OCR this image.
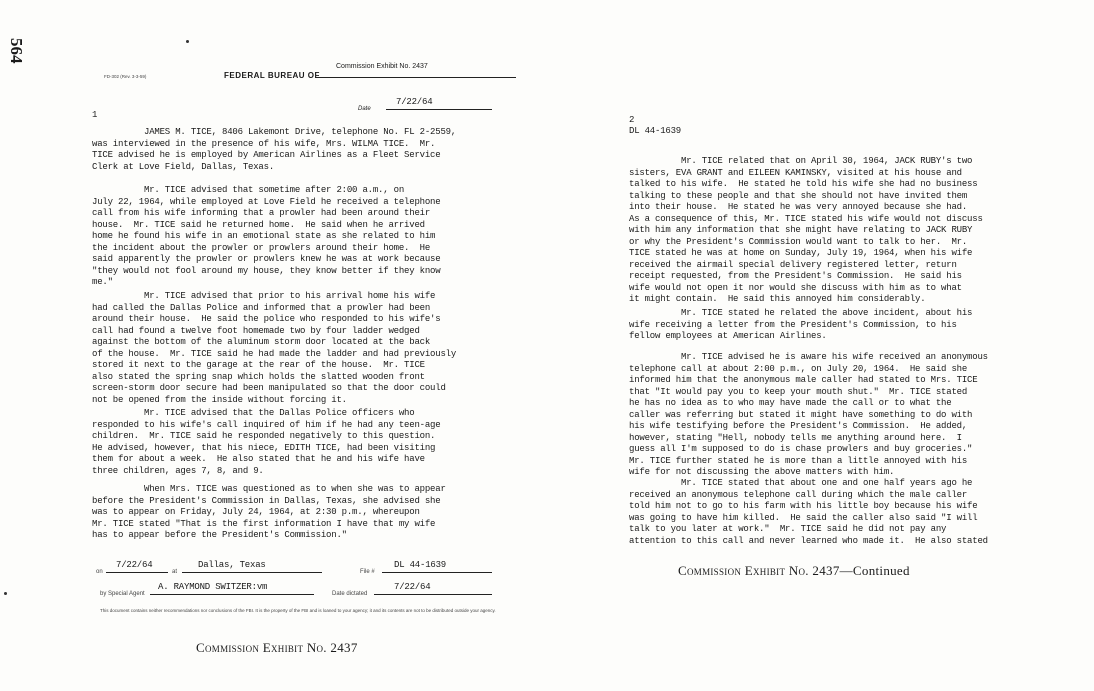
564
FD-302 (Rev. 3-3-59)	FEDERAL BUREAU OF
Commission Exhibit No. 2437
1
Date
7/22/64
JAMES M. TICE, 8406 Lakemont Drive, telephone No. FL 2-2559,
was interviewed in the presence of his wife, Mrs. WILMA TICE.  Mr.
TICE advised he is employed by American Airlines as a Fleet Service
Clerk at Love Field, Dallas, Texas.
Mr. TICE advised that sometime after 2:00 a.m., on
July 22, 1964, while employed at Love Field he received a telephone
call from his wife informing that a prowler had been around their
house.  Mr. TICE said he returned home.  He said when he arrived
home he found his wife in an emotional state as she related to him
the incident about the prowler or prowlers around their home.  He
said apparently the prowler or prowlers knew he was at work because
"they would not fool around my house, they know better if they know
me."
Mr. TICE advised that prior to his arrival home his wife
had called the Dallas Police and informed that a prowler had been
around their house.  He said the police who responded to his wife's
call had found a twelve foot homemade two by four ladder wedged
against the bottom of the aluminum storm door located at the back
of the house.  Mr. TICE said he had made the ladder and had previously
stored it next to the garage at the rear of the house.  Mr. TICE
also stated the spring snap which holds the slatted wooden front
screen-storm door secure had been manipulated so that the door could
not be opened from the inside without forcing it.
Mr. TICE advised that the Dallas Police officers who
responded to his wife's call inquired of him if he had any teen-age
children.  Mr. TICE said he responded negatively to this question.
He advised, however, that his niece, EDITH TICE, had been visiting
them for about a week.  He also stated that he and his wife have
three children, ages 7, 8, and 9.
When Mrs. TICE was questioned as to when she was to appear
before the President's Commission in Dallas, Texas, she advised she
was to appear on Friday, July 24, 1964, at 2:30 p.m., whereupon
Mr. TICE stated "That is the first information I have that my wife
has to appear before the President's Commission."
on
7/22/64
at
Dallas, Texas
File #
DL 44-1639
by Special Agent
A. RAYMOND SWITZER:vm
Date dictated
7/22/64
This document contains neither recommendations nor conclusions of the FBI. It is the property of the FBI and is loaned to your agency; it and its contents are not to be distributed outside your agency.
Commission Exhibit No. 2437
2
DL 44-1639
Mr. TICE related that on April 30, 1964, JACK RUBY's two
sisters, EVA GRANT and EILEEN KAMINSKY, visited at his house and
talked to his wife.  He stated he told his wife she had no business
talking to these people and that she should not have invited them
into their house.  He stated he was very annoyed because she had.
As a consequence of this, Mr. TICE stated his wife would not discuss
with him any information that she might have relating to JACK RUBY
or why the President's Commission would want to talk to her.  Mr.
TICE stated he was at home on Sunday, July 19, 1964, when his wife
received the airmail special delivery registered letter, return
receipt requested, from the President's Commission.  He said his
wife would not open it nor would she discuss with him as to what
it might contain.  He said this annoyed him considerably.
Mr. TICE stated he related the above incident, about his
wife receiving a letter from the President's Commission, to his
fellow employees at American Airlines.
Mr. TICE advised he is aware his wife received an anonymous
telephone call at about 2:00 p.m., on July 20, 1964.  He said she
informed him that the anonymous male caller had stated to Mrs. TICE
that "It would pay you to keep your mouth shut."  Mr. TICE stated
he has no idea as to who may have made the call or to what the
caller was referring but stated it might have something to do with
his wife testifying before the President's Commission.  He added,
however, stating "Hell, nobody tells me anything around here.  I
guess all I'm supposed to do is chase prowlers and buy groceries."
Mr. TICE further stated he is more than a little annoyed with his
wife for not discussing the above matters with him.
Mr. TICE stated that about one and one half years ago he
received an anonymous telephone call during which the male caller
told him not to go to his farm with his little boy because his wife
was going to have him killed.  He said the caller also said "I will
talk to you later at work."  Mr. TICE said he did not pay any
attention to this call and never learned who made it.  He also stated
Commission Exhibit No. 2437—Continued
